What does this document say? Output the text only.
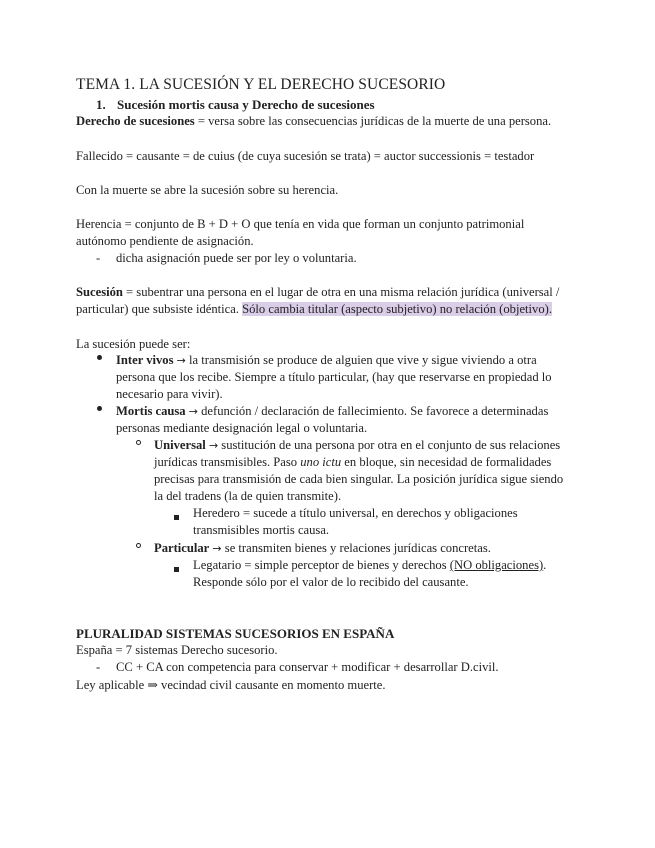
TEMA 1. LA SUCESIÓN Y EL DERECHO SUCESORIO
1. Sucesión mortis causa y Derecho de sucesiones
Derecho de sucesiones = versa sobre las consecuencias jurídicas de la muerte de una persona.
Fallecido = causante = de cuius (de cuya sucesión se trata) = auctor successionis = testador
Con la muerte se abre la sucesión sobre su herencia.
Herencia = conjunto de B + D + O que tenía en vida que forman un conjunto patrimonial
autónomo pendiente de asignación.
- dicha asignación puede ser por ley o voluntaria.
Sucesión = subentrar una persona en el lugar de otra en una misma relación jurídica (universal /
particular) que subsiste idéntica. Sólo cambia titular (aspecto subjetivo) no relación (objetivo).
La sucesión puede ser:
Inter vivos → la transmisión se produce de alguien que vive y sigue viviendo a otra
persona que los recibe. Siempre a título particular, (hay que reservarse en propiedad lo
necesario para vivir).
Mortis causa → defunción / declaración de fallecimiento. Se favorece a determinadas
personas mediante designación legal o voluntaria.
Universal → sustitución de una persona por otra en el conjunto de sus relaciones
jurídicas transmisibles. Paso uno ictu en bloque, sin necesidad de formalidades
precisas para transmisión de cada bien singular. La posición jurídica sigue siendo
la del tradens (la de quien transmite).
Heredero = sucede a título universal, en derechos y obligaciones
transmisibles mortis causa.
Particular → se transmiten bienes y relaciones jurídicas concretas.
Legatario = simple perceptor de bienes y derechos (NO obligaciones).
Responde sólo por el valor de lo recibido del causante.
PLURALIDAD SISTEMAS SUCESORIOS EN ESPAÑA
España = 7 sistemas Derecho sucesorio.
- CC + CA con competencia para conservar + modificar + desarrollar D.civil.
Ley aplicable ⇒ vecindad civil causante en momento muerte.
